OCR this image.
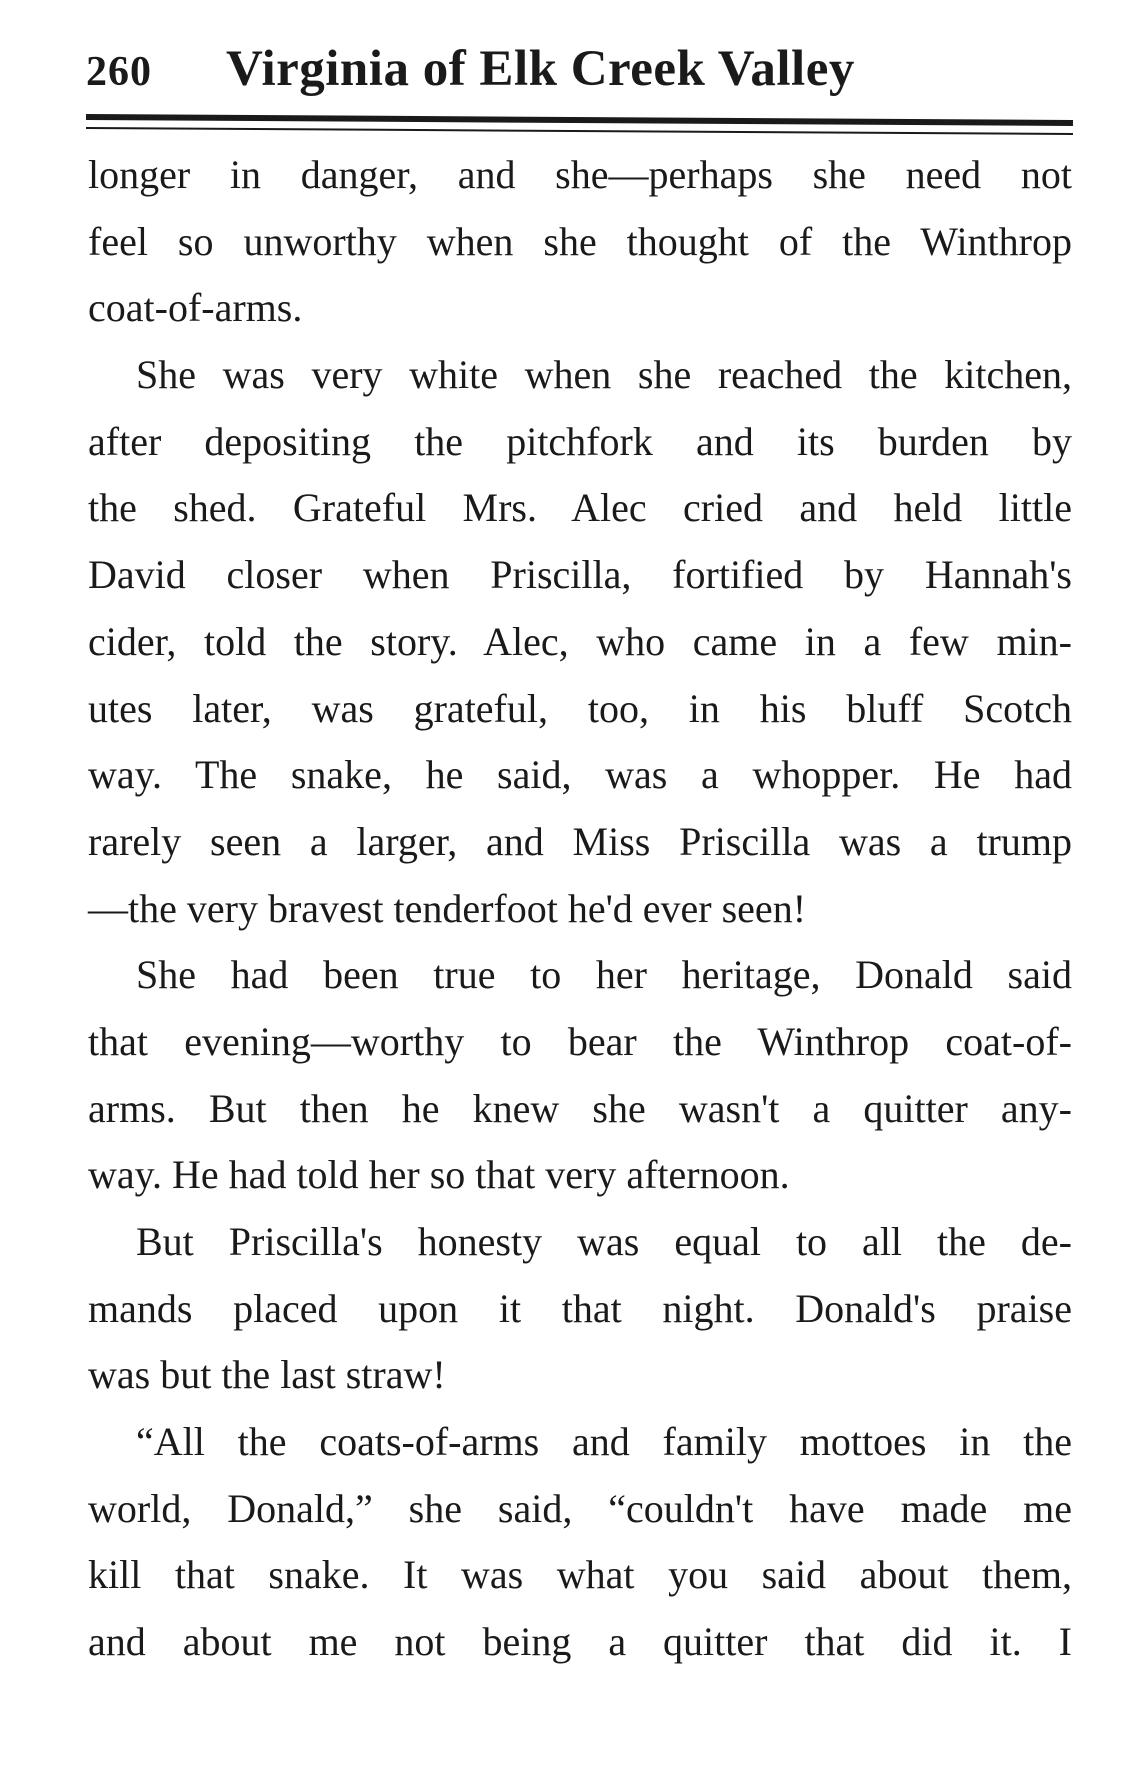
260 Virginia of Elk Creek Valley
longer in danger, and she—perhaps she need not
feel so unworthy when she thought of the Winthrop
coat-of-arms.
She was very white when she reached the kitchen,
after depositing the pitchfork and its burden by
the shed. Grateful Mrs. Alec cried and held little
David closer when Priscilla, fortified by Hannah's
cider, told the story. Alec, who came in a few min-
utes later, was grateful, too, in his bluff Scotch
way. The snake, he said, was a whopper. He had
rarely seen a larger, and Miss Priscilla was a trump
—the very bravest tenderfoot he'd ever seen!
She had been true to her heritage, Donald said
that evening—worthy to bear the Winthrop coat-of-
arms. But then he knew she wasn't a quitter any-
way. He had told her so that very afternoon.
But Priscilla's honesty was equal to all the de-
mands placed upon it that night. Donald's praise
was but the last straw!
“All the coats-of-arms and family mottoes in the
world, Donald,” she said, “couldn't have made me
kill that snake. It was what you said about them,
and about me not being a quitter that did it. I
